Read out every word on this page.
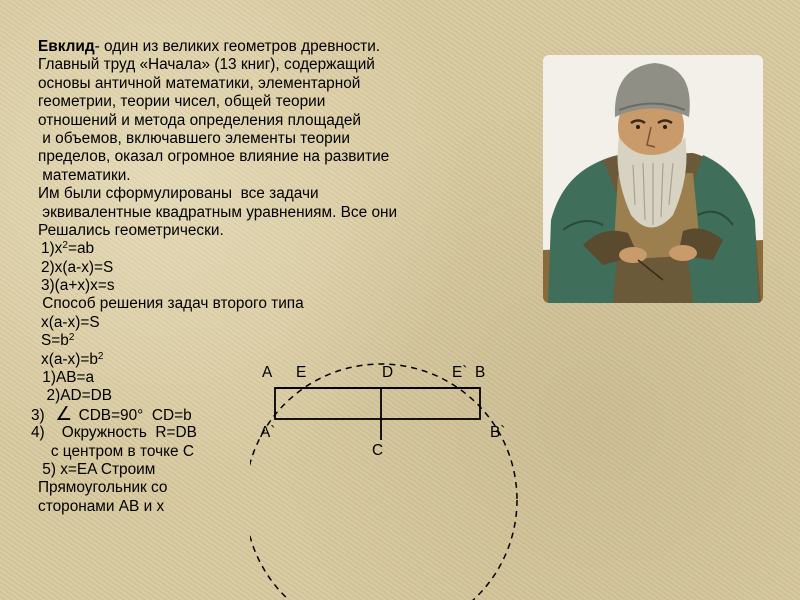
Евклид- один из великих геометров древности.
Главный труд «Начала» (13 книг), содержащий
основы античной математики, элементарной
геометрии, теории чисел, общей теории
отношений и метода определения площадей
и объемов, включавшего элементы теории
пределов, оказал огромное влияние на развитие
математики.
Им были сформулированы  все задачи
эквивалентные квадратным уравнениям. Все они
Решались геометрически.
$1)x^2=ab$
2)x(a-x)=S
3)(a+x)x=s
Способ решения задач второго типа
x(a-x)=S
$S=b^2$
$x(a-x)=b^2$
1)AB=a
2)AD=DB
3)  ∠ CDB=90°  CD=b
4)    Окружность  R=DB
с центром в точке C
5) x=EA Строим
Прямоугольник со
сторонами AB и x
A E	D	E` B
A`	B`
C
